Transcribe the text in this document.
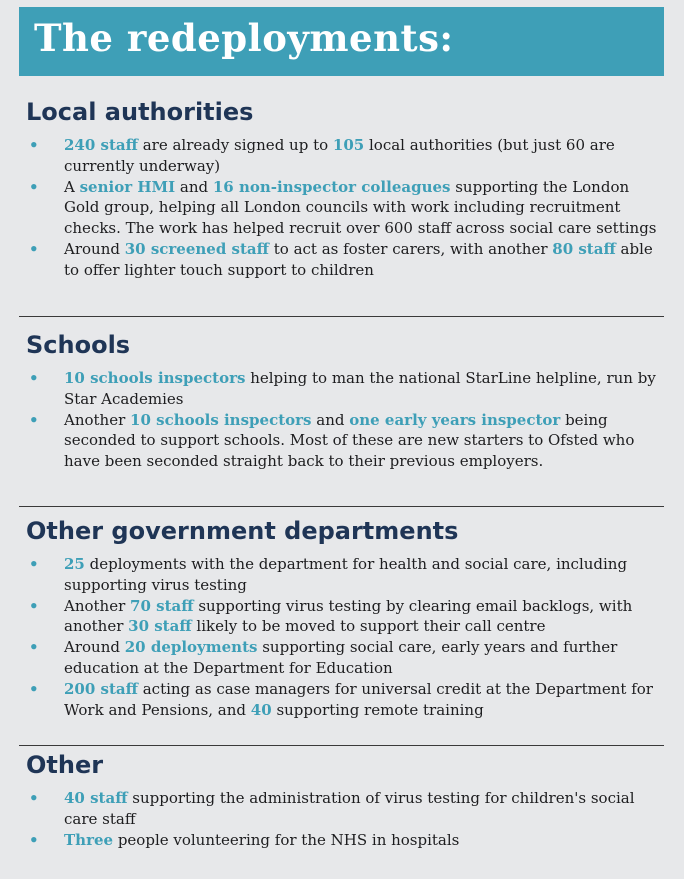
The redeployments:
Local authorities
• 240 staff are already signed up to 105 local authorities (but just 60 are currently underway)
• A senior HMI and 16 non-inspector colleagues supporting the London Gold group, helping all London councils with work including recruitment checks. The work has helped recruit over 600 staff across social care settings
• Around 30 screened staff to act as foster carers, with another 80 staff able to offer lighter touch support to children
Schools
• 10 schools inspectors helping to man the national StarLine helpline, run by Star Academies
• Another 10 schools inspectors and one early years inspector being seconded to support schools. Most of these are new starters to Ofsted who have been seconded straight back to their previous employers.
Other government departments
• 25 deployments with the department for health and social care, including supporting virus testing
• Another 70 staff supporting virus testing by clearing email backlogs, with another 30 staff likely to be moved to support their call centre
• Around 20 deployments supporting social care, early years and further education at the Department for Education
• 200 staff acting as case managers for universal credit at the Department for Work and Pensions, and 40 supporting remote training
Other
• 40 staff supporting the administration of virus testing for children's social care staff
• Three people volunteering for the NHS in hospitals
